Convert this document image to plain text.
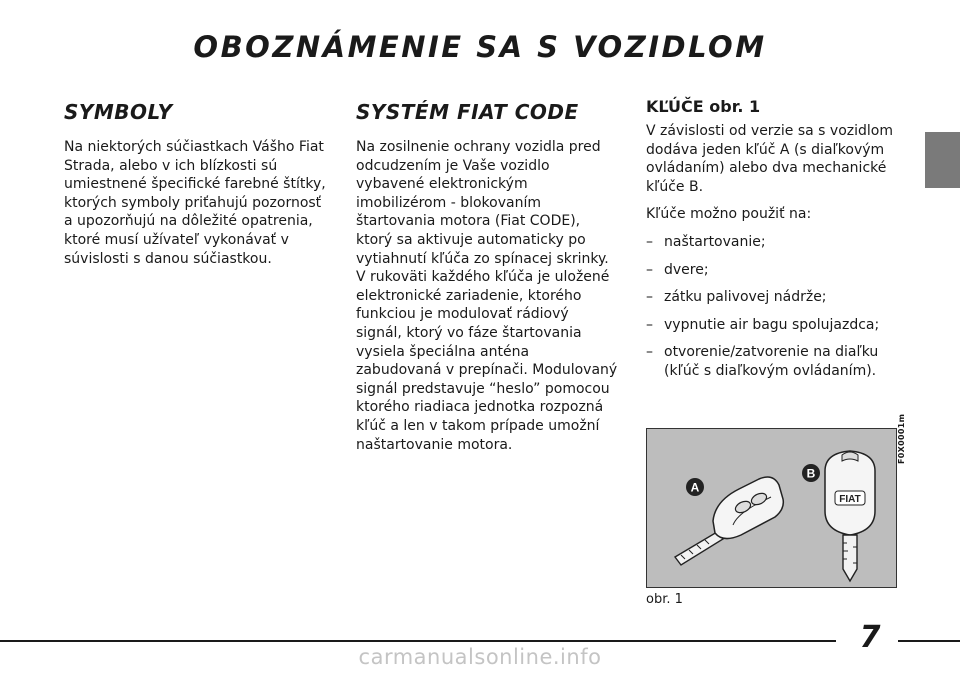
OBOZNÁMENIE SA S VOZIDLOM
SYMBOLY

Na niektorých súčiastkach Vášho Fiat Strada, alebo v ich blízkosti sú umiestnené špecifické farebné štítky, ktorých symboly priťahujú pozornosť a upozorňujú na dôležité opatrenia, ktoré musí užívateľ vykonávať v súvislosti s danou súčiastkou.

SYSTÉM FIAT CODE

Na zosilnenie ochrany vozidla pred odcudzením je Vaše vozidlo vybavené elektronickým imobilizérom - blokovaním štartovania motora (Fiat CODE), ktorý sa aktivuje automaticky po vytiahnutí kľúča zo spínacej skrinky. V rukoväti každého kľúča je uložené elektronické zariadenie, ktorého funkciou je modulovať rádiový signál, ktorý vo fáze štartovania vysiela špeciálna anténa zabudovaná v prepínači. Modulovaný signál predstavuje “heslo” pomocou ktorého riadiaca jednotka rozpozná kľúč a len v takom prípade umožní naštartovanie motora.

KĽÚČE obr. 1

V závislosti od verzie sa s vozidlom dodáva jeden kľúč A (s diaľkovým ovládaním) alebo dva mechanické kľúče B.

Kľúče možno použiť na:

– naštartovanie;
– dvere;
– zátku palivovej nádrže;
– vypnutie air bagu spolujazdca;
– otvorenie/zatvorenie na diaľku (kľúč s diaľkovým ovládaním).
A
FIAT
B
F0X0001m
obr. 1
7
carmanualsonline.info
